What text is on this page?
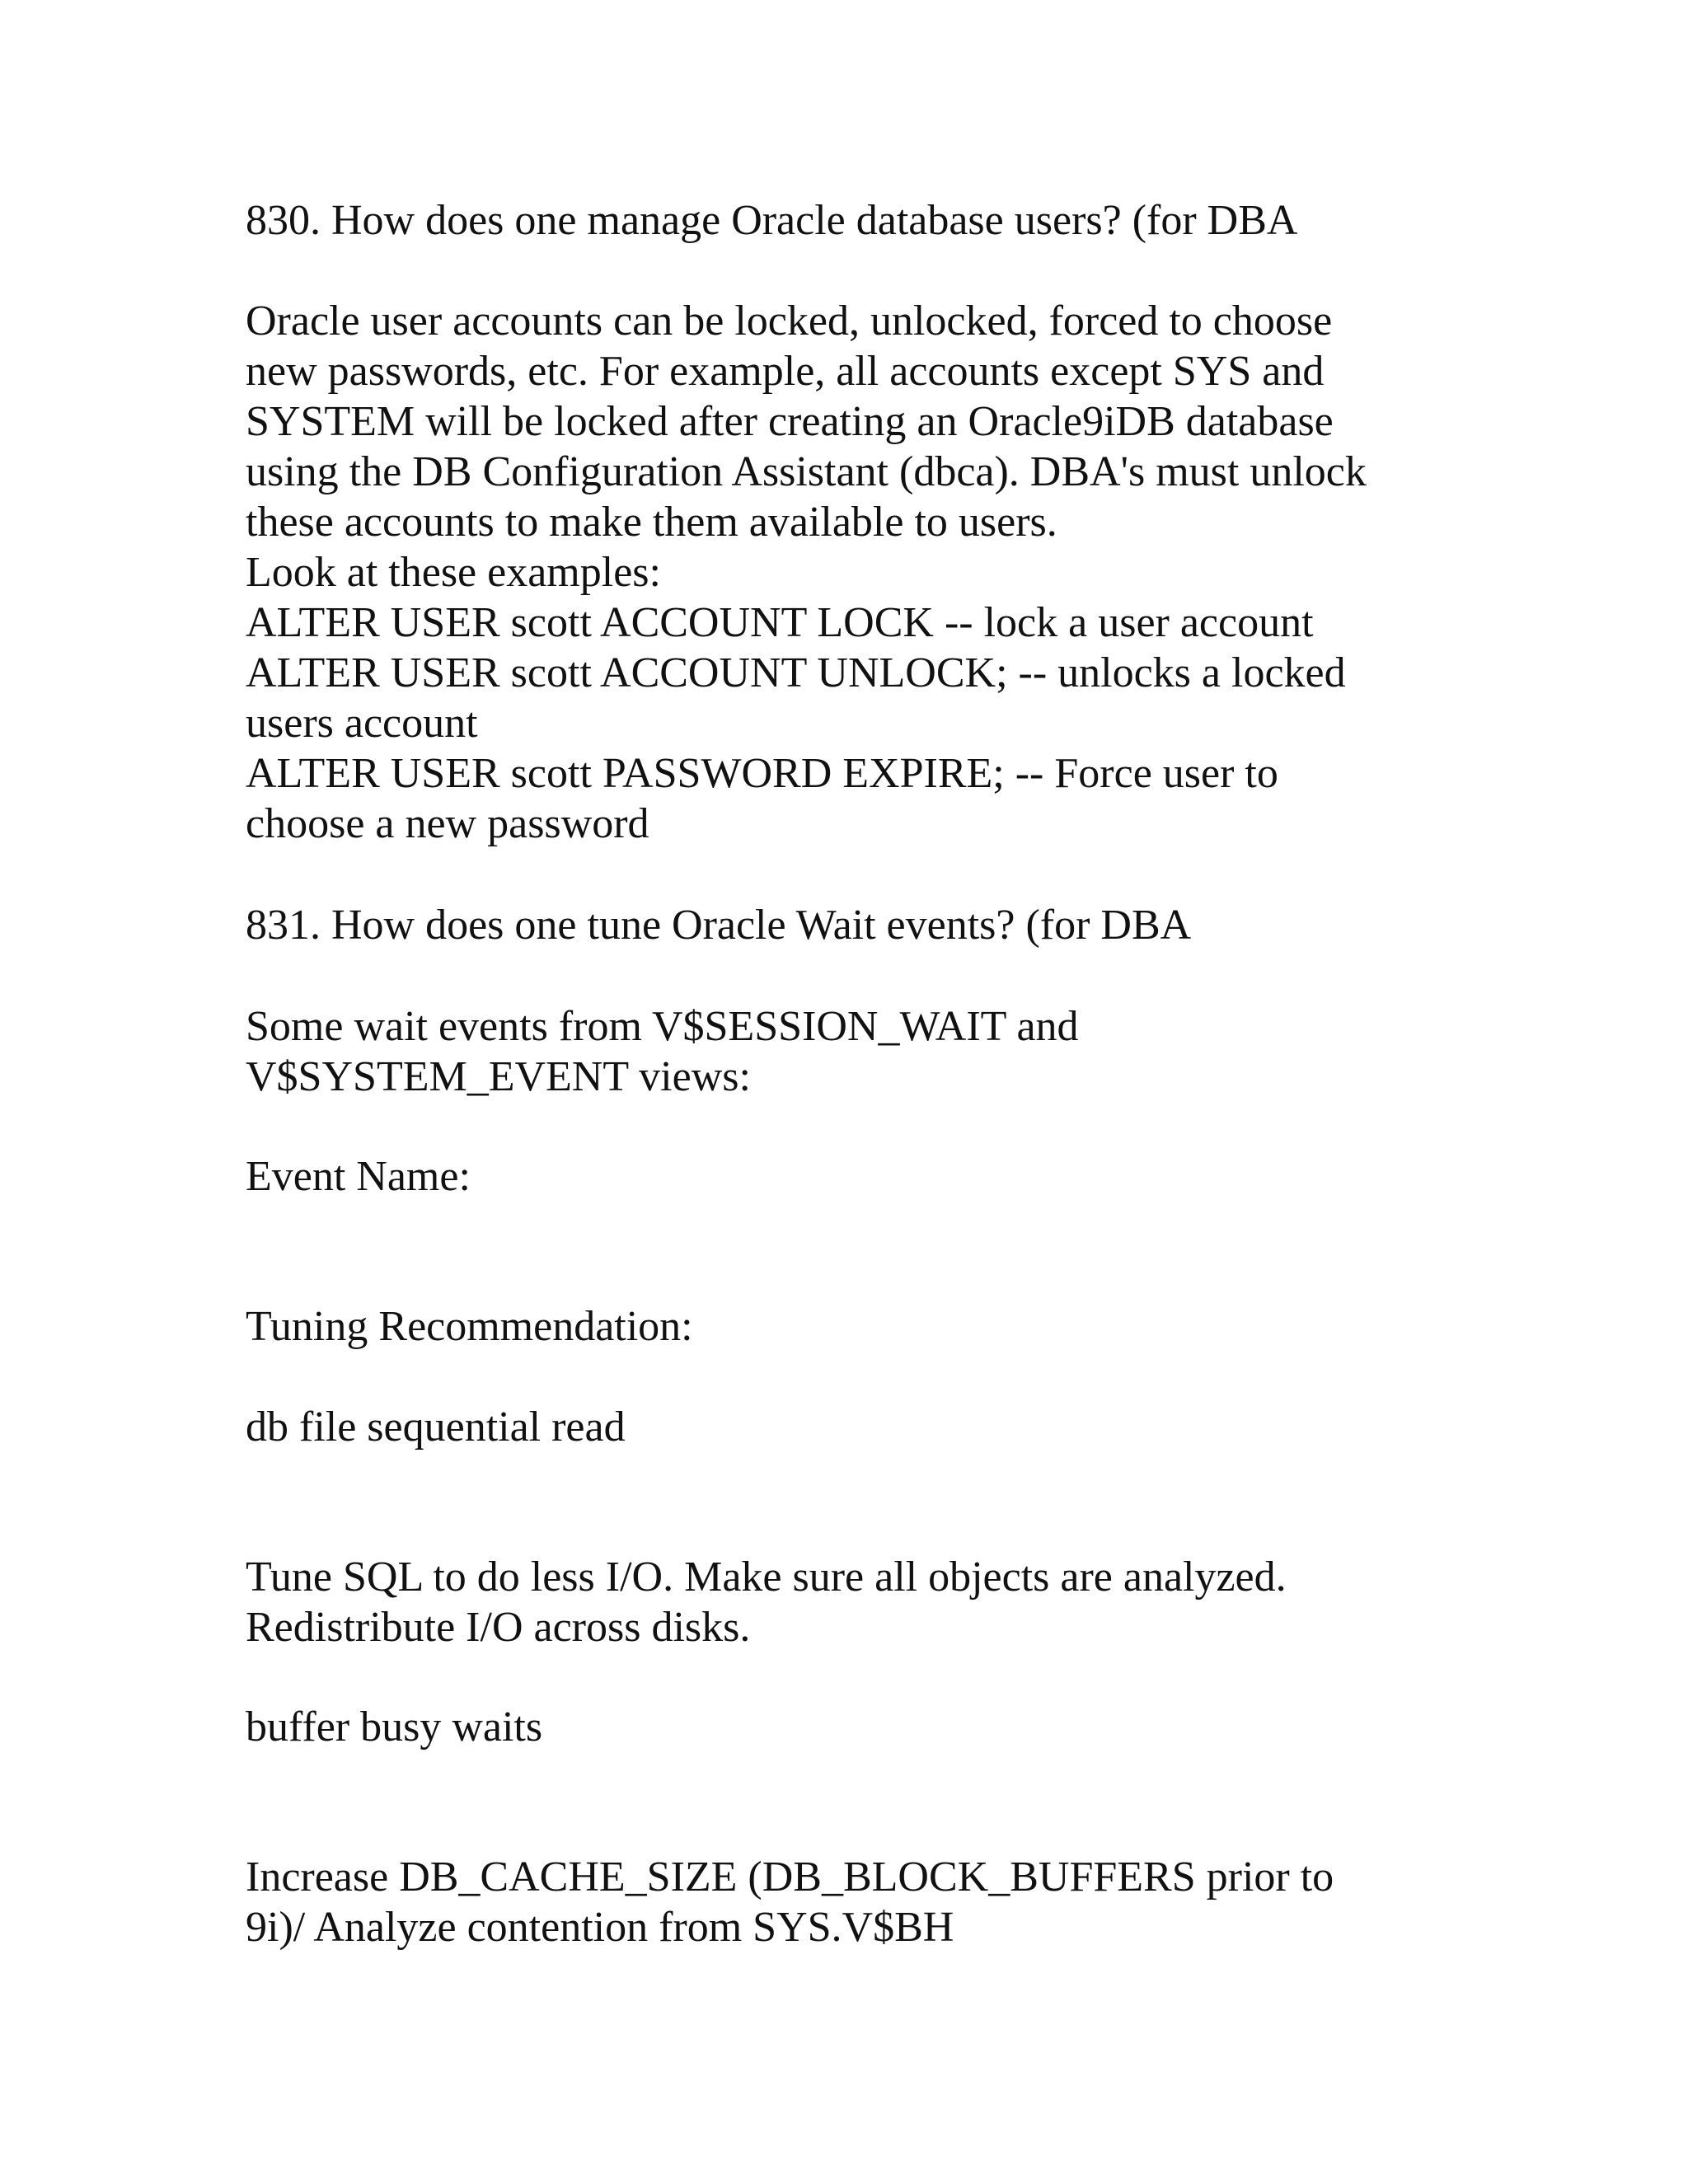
830. How does one manage Oracle database users? (for DBA

Oracle user accounts can be locked, unlocked, forced to choose

new passwords, etc. For example, all accounts except SYS and

SYSTEM will be locked after creating an Oracle9iDB database

using the DB Configuration Assistant (dbca). DBA's must unlock

these accounts to make them available to users.

Look at these examples:

ALTER USER scott ACCOUNT LOCK -- lock a user account

ALTER USER scott ACCOUNT UNLOCK; -- unlocks a locked

users account

ALTER USER scott PASSWORD EXPIRE; -- Force user to

choose a new password

831. How does one tune Oracle Wait events? (for DBA

Some wait events from V$SESSION_WAIT and

V$SYSTEM_EVENT views:

Event Name:

Tuning Recommendation:

db file sequential read

Tune SQL to do less I/O. Make sure all objects are analyzed.

Redistribute I/O across disks.

buffer busy waits

Increase DB_CACHE_SIZE (DB_BLOCK_BUFFERS prior to

9i)/ Analyze contention from SYS.V$BH
